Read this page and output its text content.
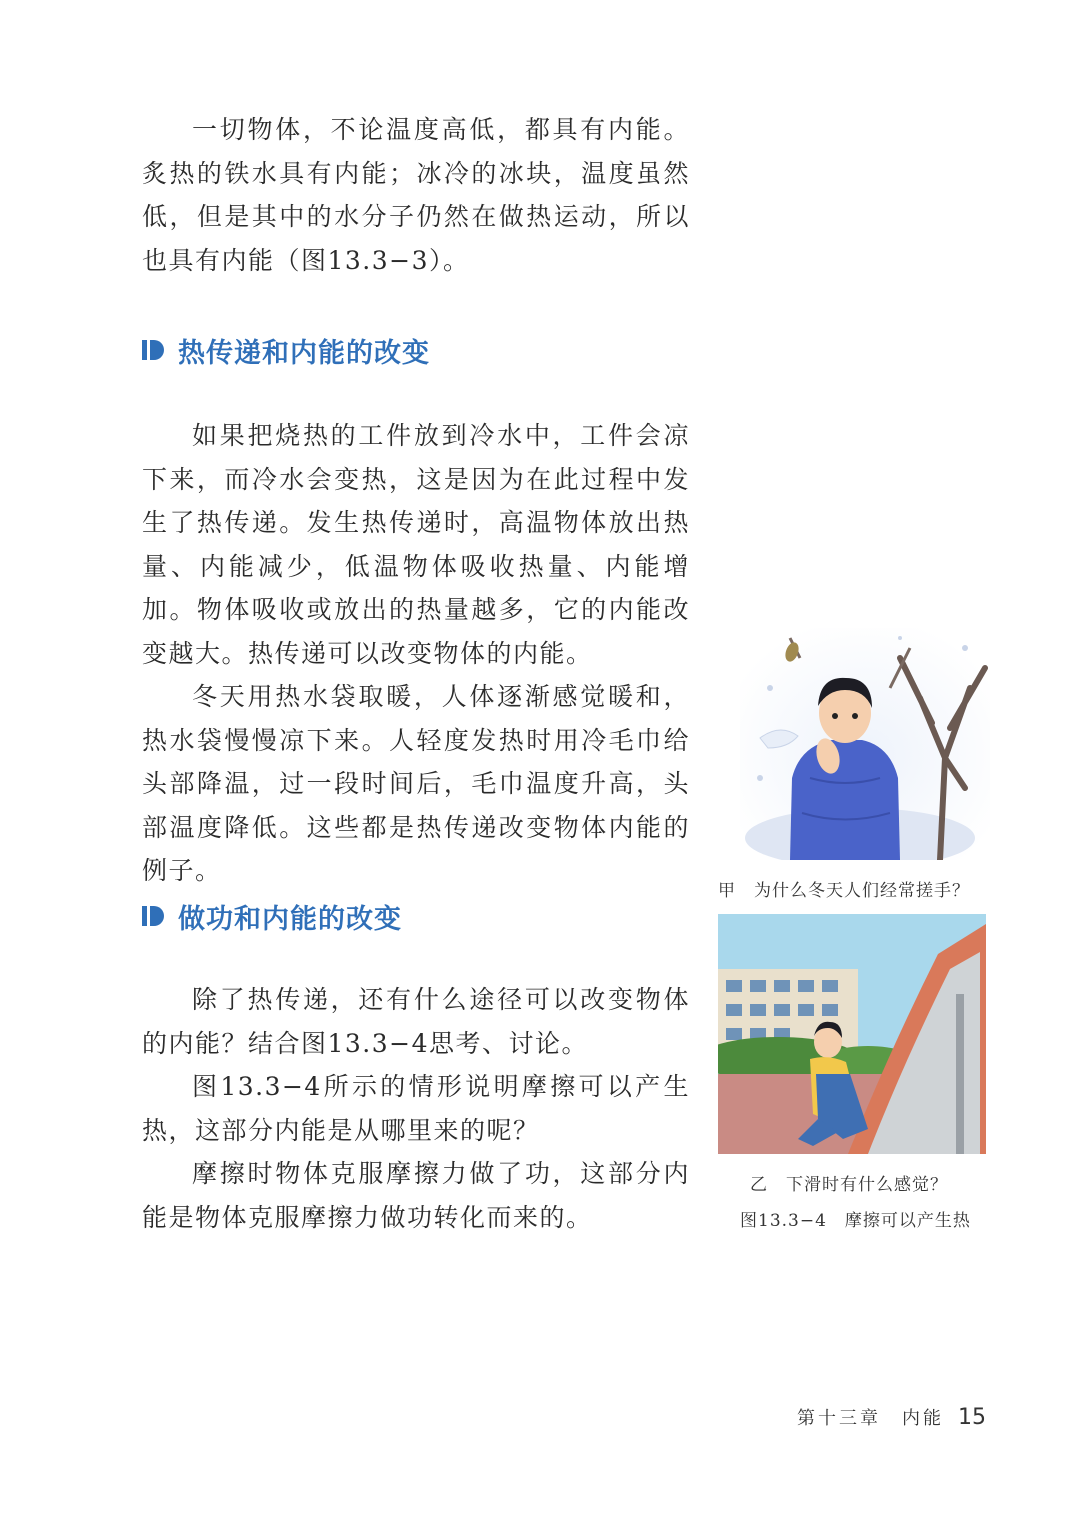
一切物体，不论温度高低，都具有内能。炙热的铁水具有内能；冰冷的冰块，温度虽然低，但是其中的水分子仍然在做热运动，所以也具有内能（图13.3−3）。

热传递和内能的改变

如果把烧热的工件放到冷水中，工件会凉下来，而冷水会变热，这是因为在此过程中发生了热传递。发生热传递时，高温物体放出热量、内能减少，低温物体吸收热量、内能增加。物体吸收或放出的热量越多，它的内能改变越大。热传递可以改变物体的内能。

冬天用热水袋取暖，人体逐渐感觉暖和，热水袋慢慢凉下来。人轻度发热时用冷毛巾给头部降温，过一段时间后，毛巾温度升高，头部温度降低。这些都是热传递改变物体内能的例子。

做功和内能的改变

除了热传递，还有什么途径可以改变物体的内能？结合图13.3−4思考、讨论。

图13.3−4所示的情形说明摩擦可以产生热，这部分内能是从哪里来的呢？

摩擦时物体克服摩擦力做了功，这部分内能是物体克服摩擦力做功转化而来的。

甲　为什么冬天人们经常搓手？
乙　下滑时有什么感觉？
图13.3−4　摩擦可以产生热
第十三章　内能 15
